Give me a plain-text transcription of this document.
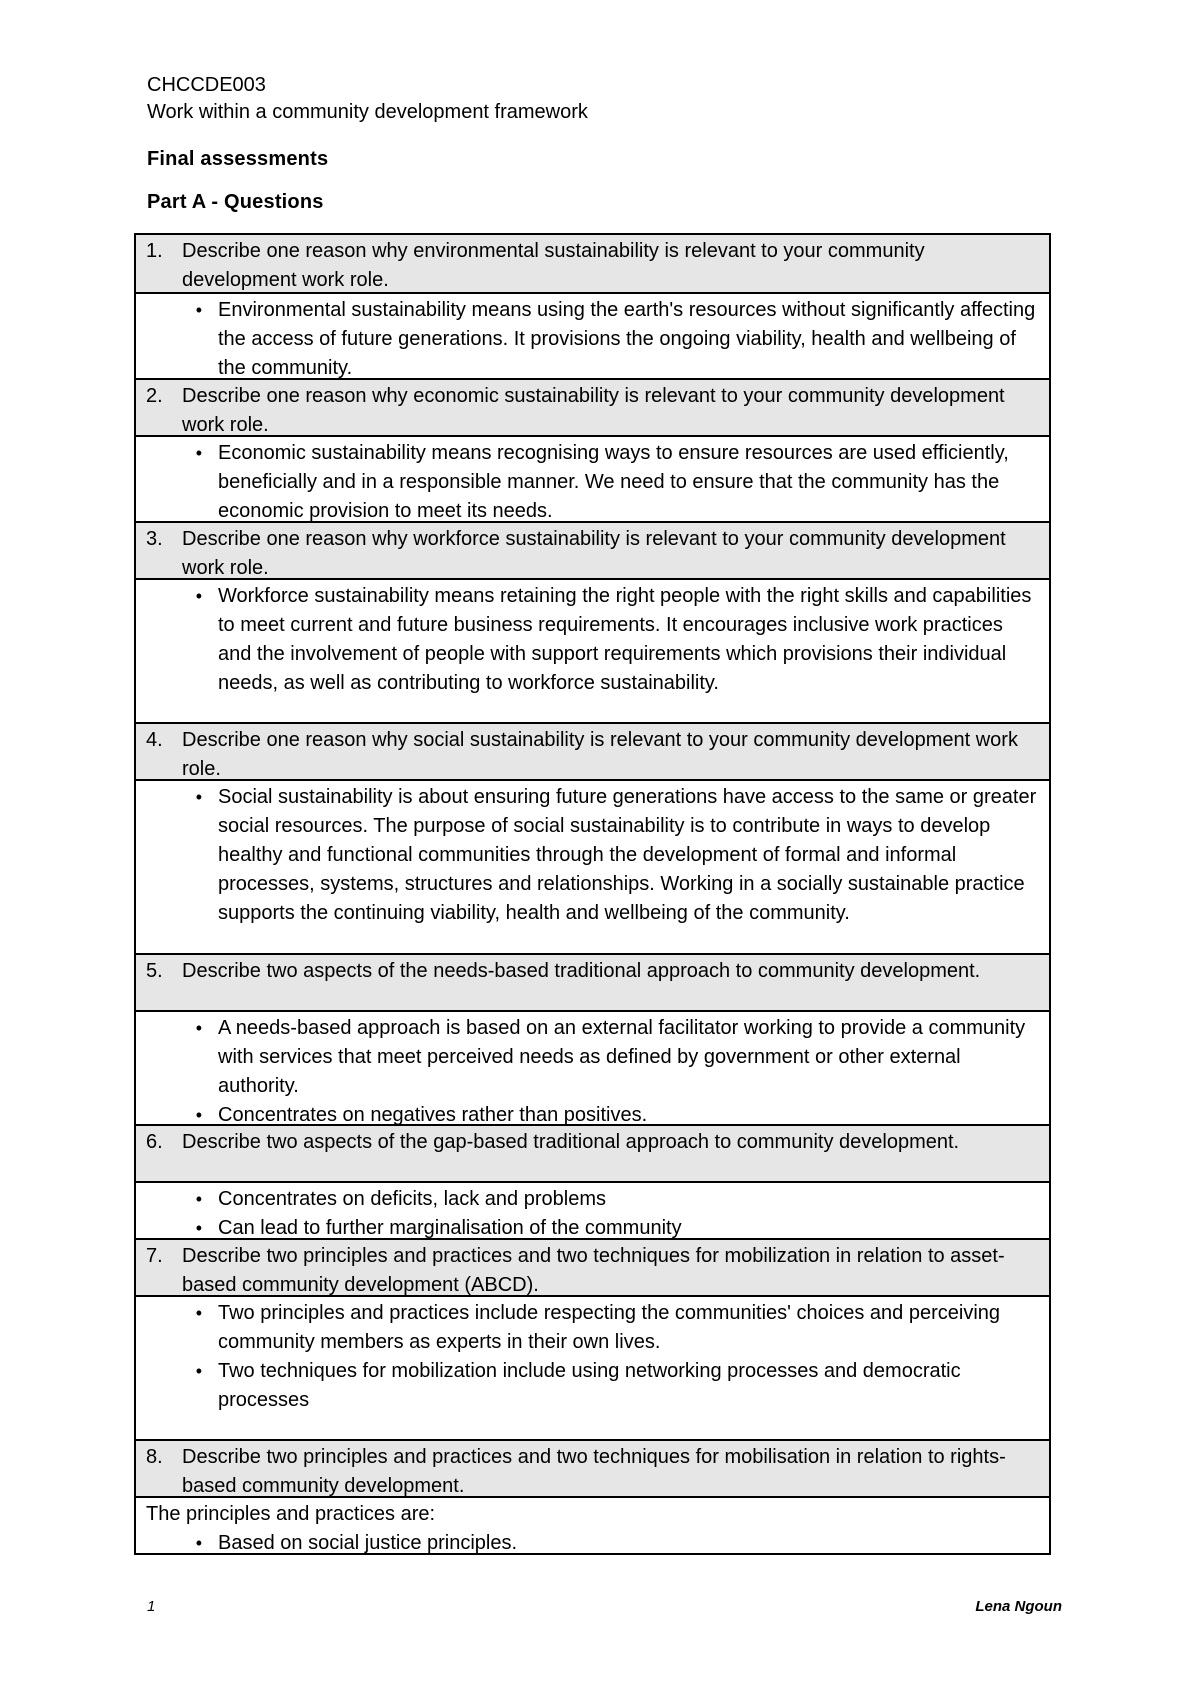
CHCCDE003

Work within a community development framework

Final assessments

Part A - Questions

1. Describe one reason why environmental sustainability is relevant to your community development work role.
• Environmental sustainability means using the earth's resources without significantly affecting the access of future generations. It provisions the ongoing viability, health and wellbeing of the community.
2. Describe one reason why economic sustainability is relevant to your community development work role.
• Economic sustainability means recognising ways to ensure resources are used efficiently, beneficially and in a responsible manner. We need to ensure that the community has the economic provision to meet its needs.
3. Describe one reason why workforce sustainability is relevant to your community development work role.
• Workforce sustainability means retaining the right people with the right skills and capabilities to meet current and future business requirements. It encourages inclusive work practices and the involvement of people with support requirements which provisions their individual needs, as well as contributing to workforce sustainability.
4. Describe one reason why social sustainability is relevant to your community development work role.
• Social sustainability is about ensuring future generations have access to the same or greater social resources. The purpose of social sustainability is to contribute in ways to develop healthy and functional communities through the development of formal and informal processes, systems, structures and relationships. Working in a socially sustainable practice supports the continuing viability, health and wellbeing of the community.
5. Describe two aspects of the needs-based traditional approach to community development.
• A needs-based approach is based on an external facilitator working to provide a community with services that meet perceived needs as defined by government or other external authority.
• Concentrates on negatives rather than positives.
6. Describe two aspects of the gap-based traditional approach to community development.
• Concentrates on deficits, lack and problems
• Can lead to further marginalisation of the community
7. Describe two principles and practices and two techniques for mobilization in relation to asset-based community development (ABCD).
• Two principles and practices include respecting the communities' choices and perceiving community members as experts in their own lives.
• Two techniques for mobilization include using networking processes and democratic processes
8. Describe two principles and practices and two techniques for mobilisation in relation to rights-based community development.
The principles and practices are:
• Based on social justice principles.
1	Lena Ngoun
